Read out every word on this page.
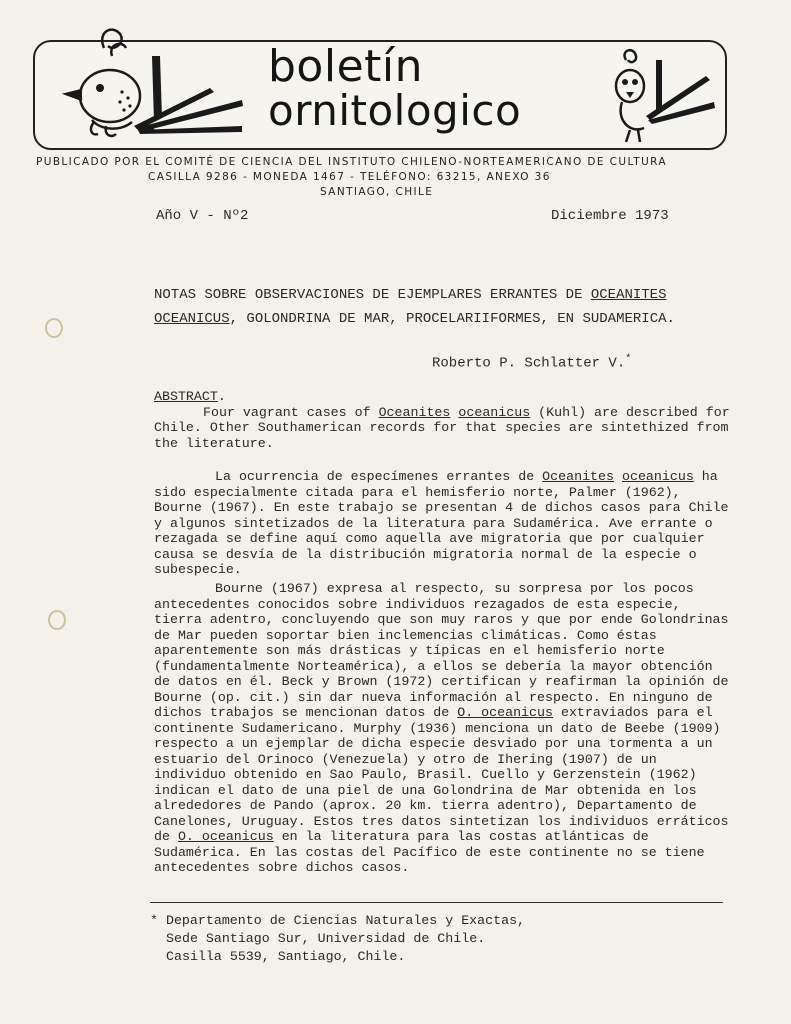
boletín
ornitologico
PUBLICADO POR EL COMITÉ DE CIENCIA DEL INSTITUTO CHILENO-NORTEAMERICANO DE CULTURA
CASILLA 9286 - MONEDA 1467 - TELÉFONO: 63215, ANEXO 36
SANTIAGO, CHILE
Año V - Nº2	Diciembre 1973
NOTAS SOBRE OBSERVACIONES DE EJEMPLARES ERRANTES DE OCEANITES
OCEANICUS, GOLONDRINA DE MAR, PROCELARIIFORMES, EN SUDAMERICA.
Roberto P. Schlatter V.*
ABSTRACT.
Four vagrant cases of Oceanites oceanicus (Kuhl) are described for Chile. Other Southamerican records for that species are sintethized from the literature.
La ocurrencia de especímenes errantes de Oceanites oceanicus ha sido especialmente citada para el hemisferio norte, Palmer (1962), Bourne (1967). En este trabajo se presentan 4 de dichos casos para Chile y algunos sintetizados de la literatura para Sudamérica. Ave errante o rezagada se define aquí como aquella ave migratoria que por cualquier causa se desvía de la distribución migratoria normal de la especie o subespecie.
Bourne (1967) expresa al respecto, su sorpresa por los pocos antecedentes conocidos sobre individuos rezagados de esta especie, tierra adentro, concluyendo que son muy raros y que por ende Golondrinas de Mar pueden soportar bien inclemencias climáticas. Como éstas aparentemente son más drásticas y típicas en el hemisferio norte (fundamentalmente Norteamérica), a ellos se debería la mayor obtención de datos en él. Beck y Brown (1972) certifican y reafirman la opinión de Bourne (op. cit.) sin dar nueva información al respecto. En ninguno de dichos trabajos se mencionan datos de O. oceanicus extraviados para el continente Sudamericano. Murphy (1936) menciona un dato de Beebe (1909) respecto a un ejemplar de dicha especie desviado por una tormenta a un estuario del Orinoco (Venezuela) y otro de Ihering (1907) de un individuo obtenido en Sao Paulo, Brasil. Cuello y Gerzenstein (1962) indican el dato de una piel de una Golondrina de Mar obtenida en los alrededores de Pando (aprox. 20 km. tierra adentro), Departamento de Canelones, Uruguay. Estos tres datos sintetizan los individuos erráticos de O. oceanicus en la literatura para las costas atlánticas de Sudamérica. En las costas del Pacífico de este continente no se tiene antecedentes sobre dichos casos.
* Departamento de Ciencias Naturales y Exactas,
Sede Santiago Sur, Universidad de Chile.
Casilla 5539, Santiago, Chile.
